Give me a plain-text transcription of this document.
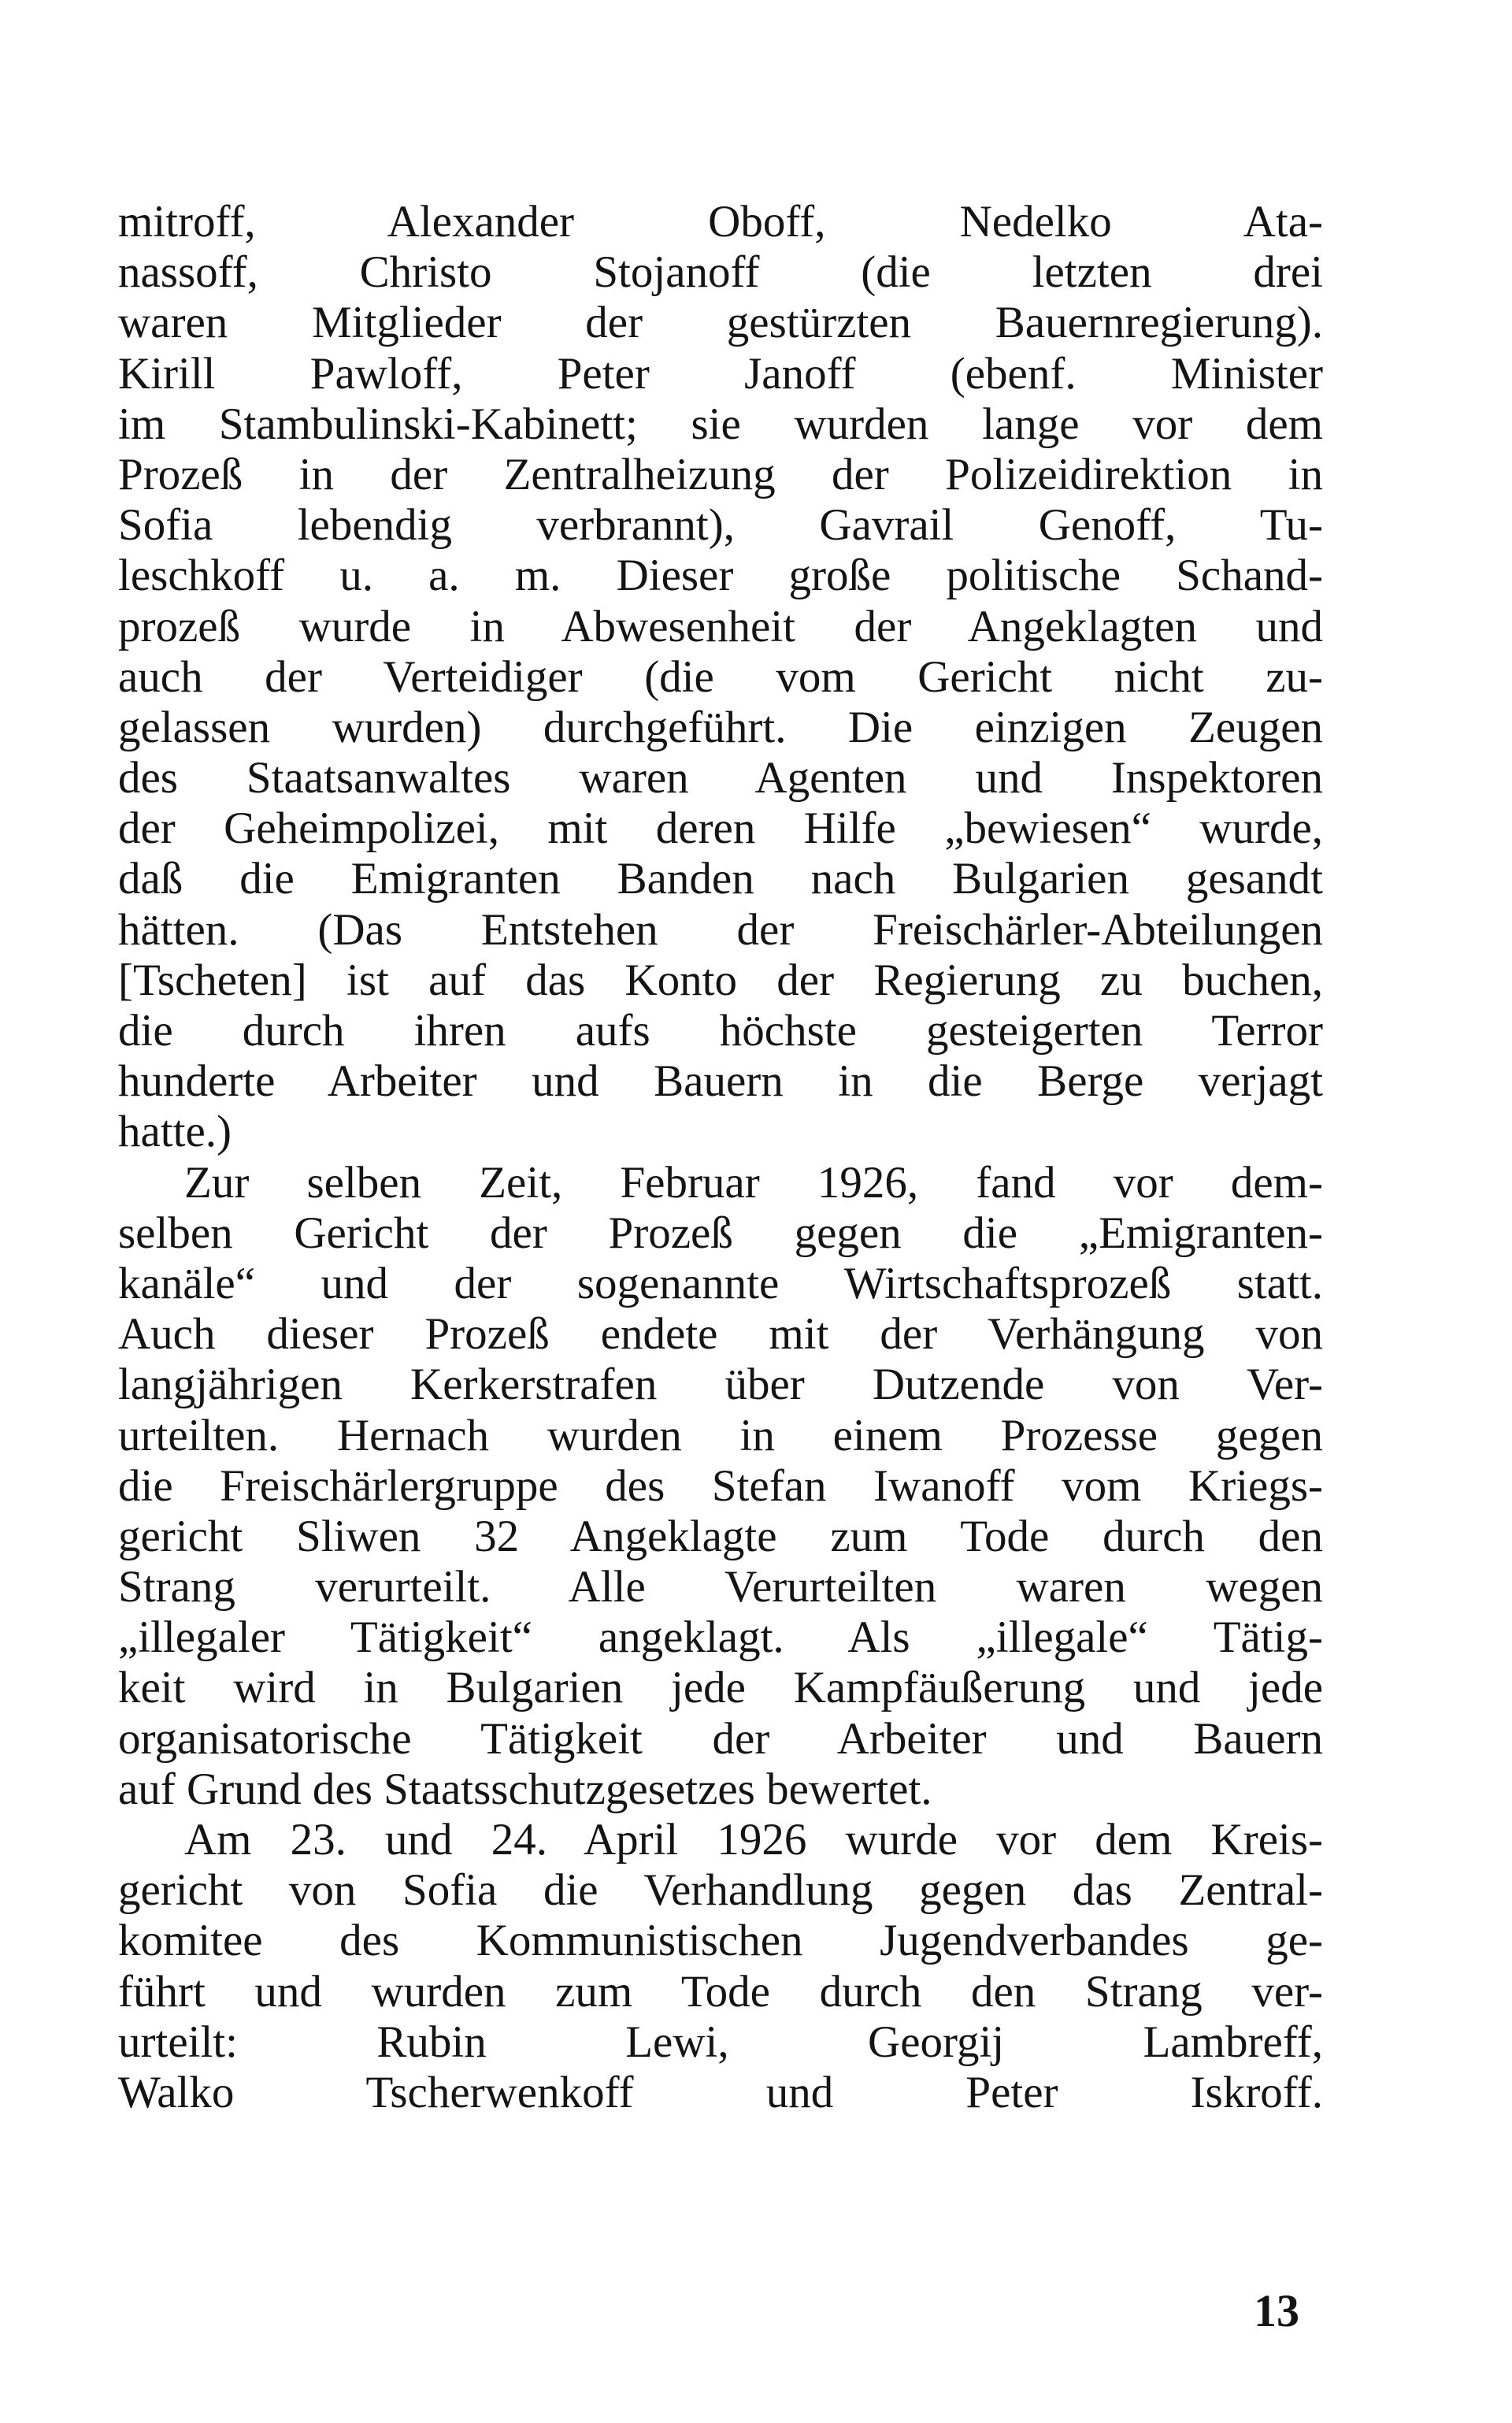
mitroff, Alexander Oboff, Nedelko Ata-
nassoff, Christo Stojanoff (die letzten drei
waren Mitglieder der gestürzten Bauernregierung).
Kirill Pawloff, Peter Janoff (ebenf. Minister
im Stambulinski-Kabinett; sie wurden lange vor dem
Prozeß in der Zentralheizung der Polizeidirektion in
Sofia lebendig verbrannt), Gavrail Genoff, Tu-
leschkoff u. a. m. Dieser große politische Schand-
prozeß wurde in Abwesenheit der Angeklagten und
auch der Verteidiger (die vom Gericht nicht zu-
gelassen wurden) durchgeführt. Die einzigen Zeugen
des Staatsanwaltes waren Agenten und Inspektoren
der Geheimpolizei, mit deren Hilfe „bewiesen“ wurde,
daß die Emigranten Banden nach Bulgarien gesandt
hätten. (Das Entstehen der Freischärler-Abteilungen
[Tscheten] ist auf das Konto der Regierung zu buchen,
die durch ihren aufs höchste gesteigerten Terror
hunderte Arbeiter und Bauern in die Berge verjagt
hatte.)
Zur selben Zeit, Februar 1926, fand vor dem-
selben Gericht der Prozeß gegen die „Emigranten-
kanäle“ und der sogenannte Wirtschaftsprozeß statt.
Auch dieser Prozeß endete mit der Verhängung von
langjährigen Kerkerstrafen über Dutzende von Ver-
urteilten. Hernach wurden in einem Prozesse gegen
die Freischärlergruppe des Stefan Iwanoff vom Kriegs-
gericht Sliwen 32 Angeklagte zum Tode durch den
Strang verurteilt. Alle Verurteilten waren wegen
„illegaler Tätigkeit“ angeklagt. Als „illegale“ Tätig-
keit wird in Bulgarien jede Kampfäußerung und jede
organisatorische Tätigkeit der Arbeiter und Bauern
auf Grund des Staatsschutzgesetzes bewertet.
Am 23. und 24. April 1926 wurde vor dem Kreis-
gericht von Sofia die Verhandlung gegen das Zentral-
komitee des Kommunistischen Jugendverbandes ge-
führt und wurden zum Tode durch den Strang ver-
urteilt: Rubin Lewi, Georgij Lambreff,
Walko Tscherwenkoff und Peter Iskroff.
13
